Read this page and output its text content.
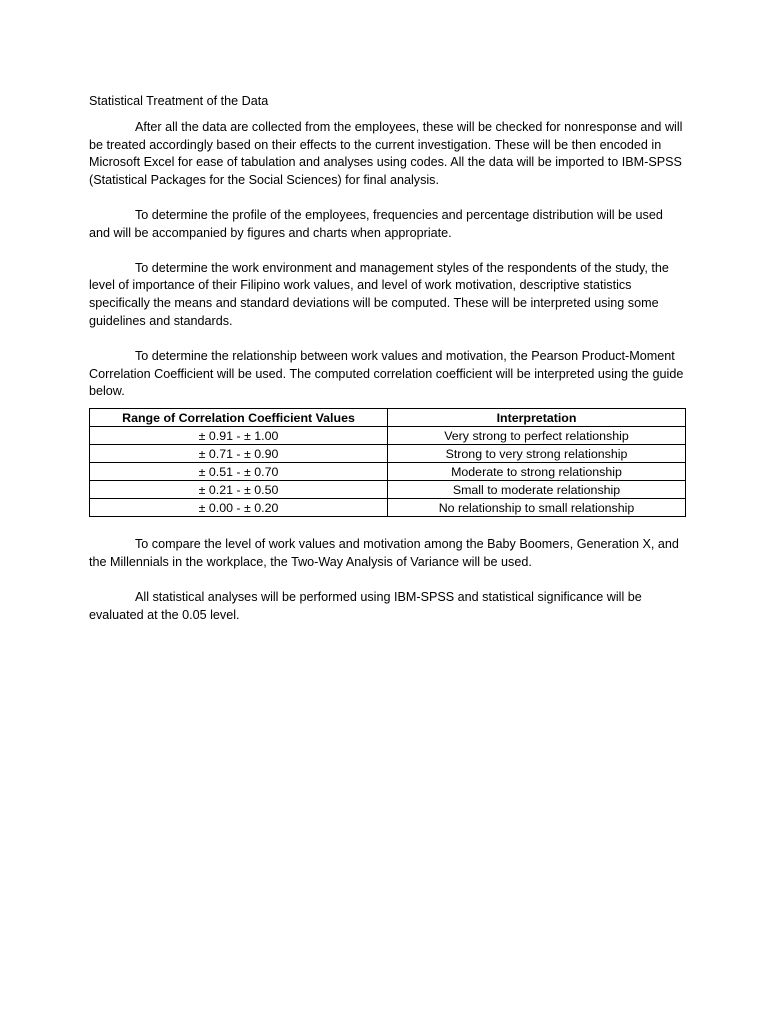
Statistical Treatment of the Data

After all the data are collected from the employees, these will be checked for nonresponse and will be treated accordingly based on their effects to the current investigation. These will be then encoded in Microsoft Excel for ease of tabulation and analyses using codes. All the data will be imported to IBM-SPSS (Statistical Packages for the Social Sciences) for final analysis.

To determine the profile of the employees, frequencies and percentage distribution will be used and will be accompanied by figures and charts when appropriate.

To determine the work environment and management styles of the respondents of the study, the level of importance of their Filipino work values, and level of work motivation, descriptive statistics specifically the means and standard deviations will be computed. These will be interpreted using some guidelines and standards.

To determine the relationship between work values and motivation, the Pearson Product-Moment Correlation Coefficient will be used. The computed correlation coefficient will be interpreted using the guide below.

Range of Correlation Coefficient Values	Interpretation
± 0.91 - ± 1.00	Very strong to perfect relationship
± 0.71 - ± 0.90	Strong to very strong relationship
± 0.51 - ± 0.70	Moderate to strong relationship
± 0.21 - ± 0.50	Small to moderate relationship
± 0.00 - ± 0.20	No relationship to small relationship

To compare the level of work values and motivation among the Baby Boomers, Generation X, and the Millennials in the workplace, the Two-Way Analysis of Variance will be used.

All statistical analyses will be performed using IBM-SPSS and statistical significance will be evaluated at the 0.05 level.
